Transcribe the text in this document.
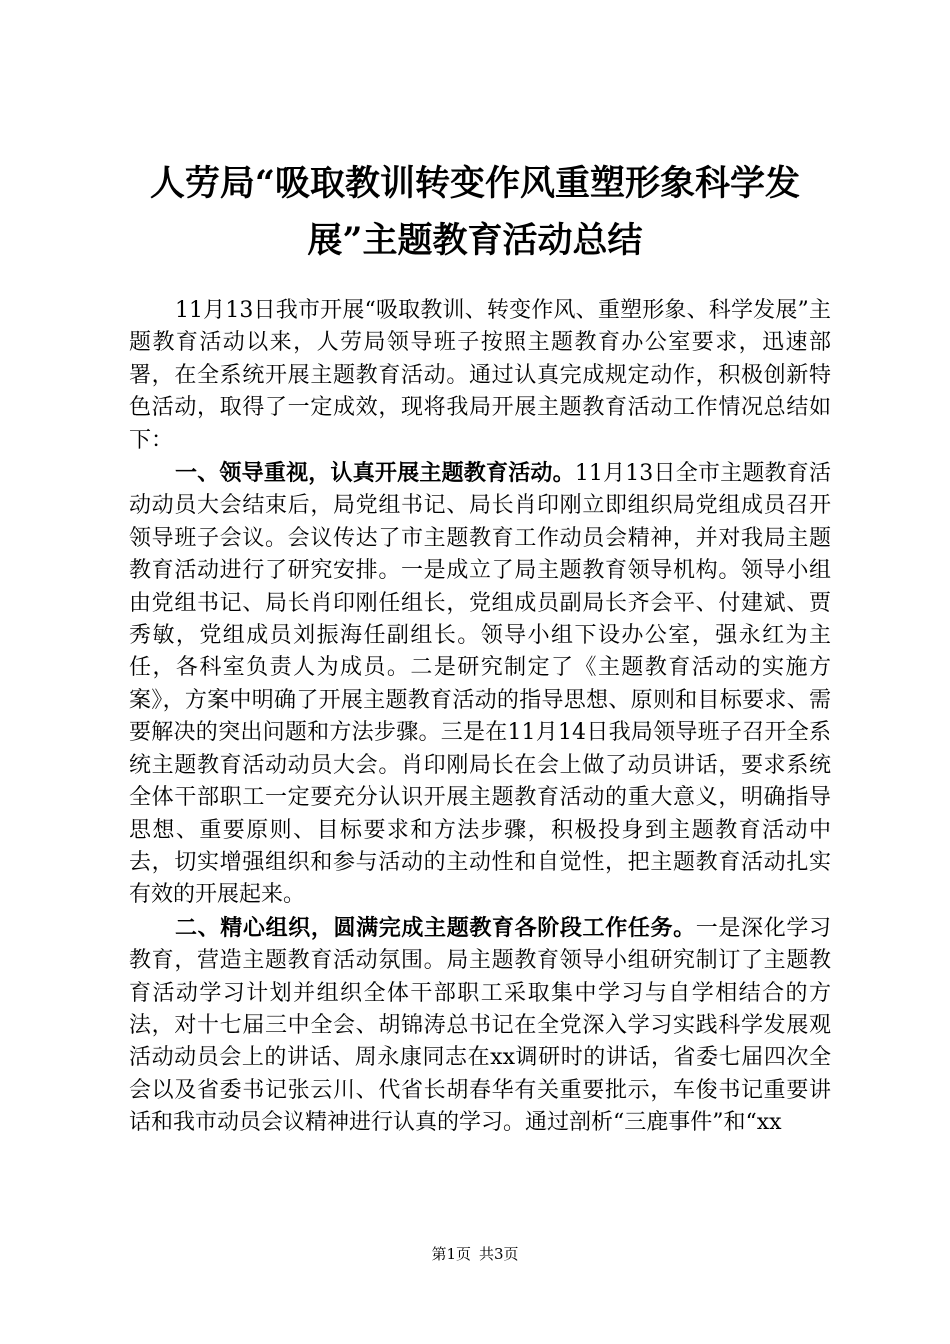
人劳局“吸取教训转变作风重塑形象科学发展”主题教育活动总结

11月13日我市开展“吸取教训、转变作风、重塑形象、科学发展”主题教育活动以来，人劳局领导班子按照主题教育办公室要求，迅速部署，在全系统开展主题教育活动。通过认真完成规定动作，积极创新特色活动，取得了一定成效，现将我局开展主题教育活动工作情况总结如下：

一、领导重视，认真开展主题教育活动。11月13日全市主题教育活动动员大会结束后，局党组书记、局长肖印刚立即组织局党组成员召开领导班子会议。会议传达了市主题教育工作动员会精神，并对我局主题教育活动进行了研究安排。一是成立了局主题教育领导机构。领导小组由党组书记、局长肖印刚任组长，党组成员副局长齐会平、付建斌、贾秀敏，党组成员刘振海任副组长。领导小组下设办公室，强永红为主任，各科室负责人为成员。二是研究制定了《主题教育活动的实施方案》，方案中明确了开展主题教育活动的指导思想、原则和目标要求、需要解决的突出问题和方法步骤。三是在11月14日我局领导班子召开全系统主题教育活动动员大会。肖印刚局长在会上做了动员讲话，要求系统全体干部职工一定要充分认识开展主题教育活动的重大意义，明确指导思想、重要原则、目标要求和方法步骤，积极投身到主题教育活动中去，切实增强组织和参与活动的主动性和自觉性，把主题教育活动扎实有效的开展起来。

二、精心组织，圆满完成主题教育各阶段工作任务。一是深化学习教育，营造主题教育活动氛围。局主题教育领导小组研究制订了主题教育活动学习计划并组织全体干部职工采取集中学习与自学相结合的方法，对十七届三中全会、胡锦涛总书记在全党深入学习实践科学发展观活动动员会上的讲话、周永康同志在xx调研时的讲话，省委七届四次全会以及省委书记张云川、代省长胡春华有关重要批示，车俊书记重要讲话和我市动员会议精神进行认真的学习。通过剖析“三鹿事件”和“xx

第1页 共3页
